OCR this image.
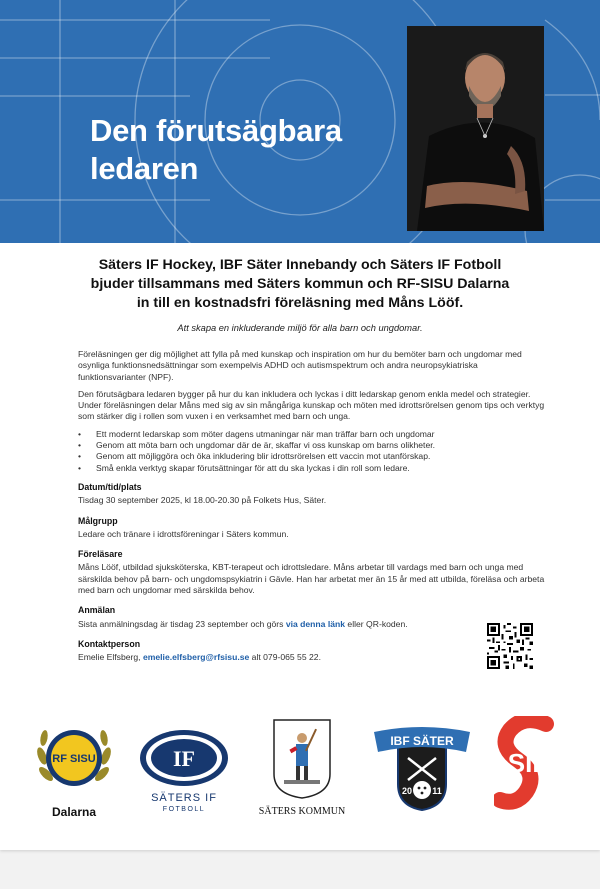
Den förutsägbara
ledaren
Säters IF Hockey, IBF Säter Innebandy och Säters IF Fotboll
bjuder tillsammans med Säters kommun och RF-SISU Dalarna
in till en kostnadsfri föreläsning med Måns Lööf.

Att skapa en inkluderande miljö för alla barn och ungdomar.

Föreläsningen ger dig möjlighet att fylla på med kunskap och inspiration om hur du bemöter barn och ungdomar med osynliga funktionsnedsättningar som exempelvis ADHD och autismspektrum och andra neuropsykiatriska funktionsvarianter (NPF).

Den förutsägbara ledaren bygger på hur du kan inkludera och lyckas i ditt ledarskap genom enkla medel och strategier. Under föreläsningen delar Måns med sig av sin mångåriga kunskap och möten med idrottsrörelsen genom tips och verktyg som stärker dig i rollen som vuxen i en verksamhet med barn och unga.

• Ett modernt ledarskap som möter dagens utmaningar när man träffar barn och ungdomar
• Genom att möta barn och ungdomar där de är, skaffar vi oss kunskap om barns olikheter.
• Genom att möjliggöra och öka inkludering blir idrottsrörelsen ett vaccin mot utanförskap.
• Små enkla verktyg skapar förutsättningar för att du ska lyckas i din roll som ledare.
Datum/tid/plats

Tisdag 30 september 2025, kl 18.00-20.30 på Folkets Hus, Säter.

Målgrupp

Ledare och tränare i idrottsföreningar i Säters kommun.

Föreläsare

Måns Lööf, utbildad sjuksköterska, KBT-terapeut och idrottsledare. Måns arbetar till vardags med barn och unga med särskilda behov på barn- och ungdomspsykiatrin i Gävle. Han har arbetat mer än 15 år med att utbilda, föreläsa och arbeta med barn och ungdomar med särskilda behov.

Anmälan

Sista anmälningsdag är tisdag 23 september och görs via denna länk eller QR-koden.

Kontaktperson

Emelie Elfsberg, emelie.elfsberg@rfsisu.se alt 079-065 55 22.

RF SISU
Dalarna
IF
SÄTERS IF
FOTBOLL	SÄTERS KOMMUN
IBF SÄTER
20 11
SIF
